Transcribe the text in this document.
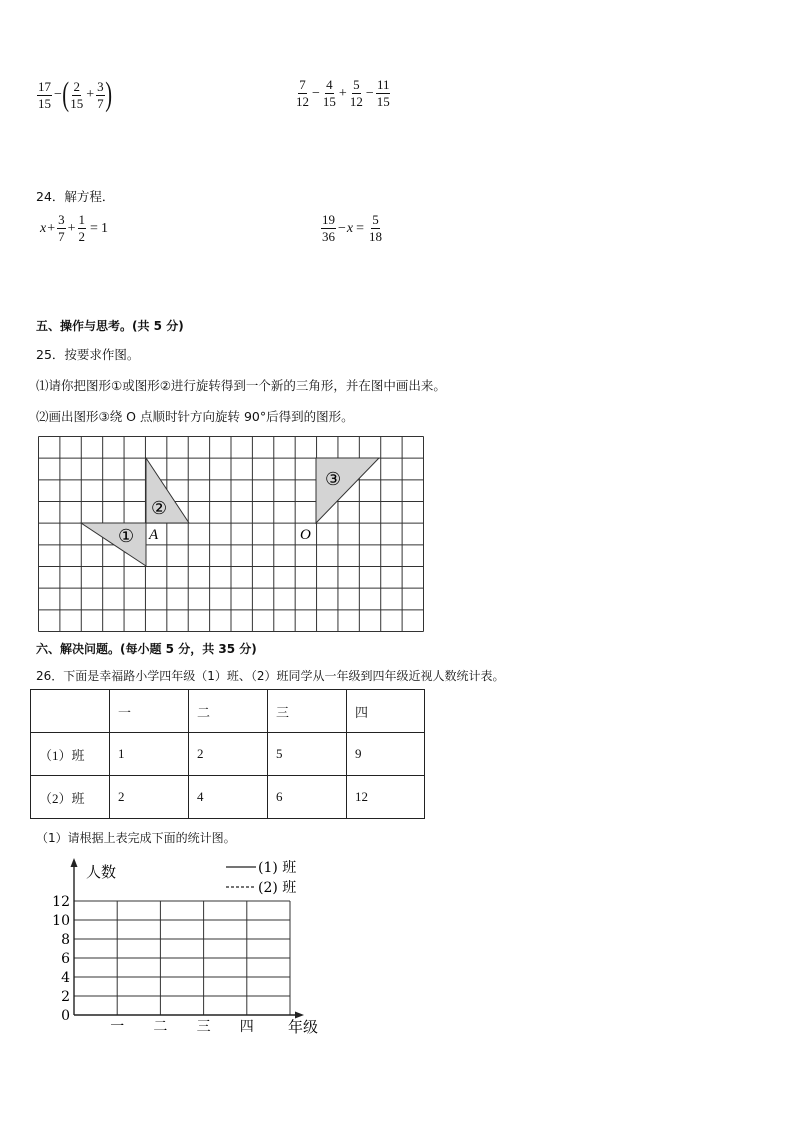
$\frac{17}{15}$ − ( $\frac{2}{15} + \frac{3}{7}$ )	$\frac{7}{12} - \frac{4}{15} + \frac{5}{12} - \frac{11}{15}$
24．解方程．
$x + \frac{3}{7} + \frac{1}{2} = 1$	$\frac{19}{36} - x = \frac{5}{18}$
五、操作与思考。(共 5 分)
25．按要求作图。
⑴请你把图形①或图形②进行旋转得到一个新的三角形，并在图中画出来。
⑵画出图形③绕 O 点顺时针方向旋转 90°后得到的图形。
①
②
③
A	O
六、解决问题。(每小题 5 分，共 35 分)
26．下面是幸福路小学四年级（1）班、（2）班同学从一年级到四年级近视人数统计表。
	一	二	三	四
（1）班	1	2	5	9
（2）班	2	4	6	12
（1）请根据上表完成下面的统计图。
0
2
4
6
8
10
12
一 二 三 四
人数
年级
(1) 班
(2) 班
